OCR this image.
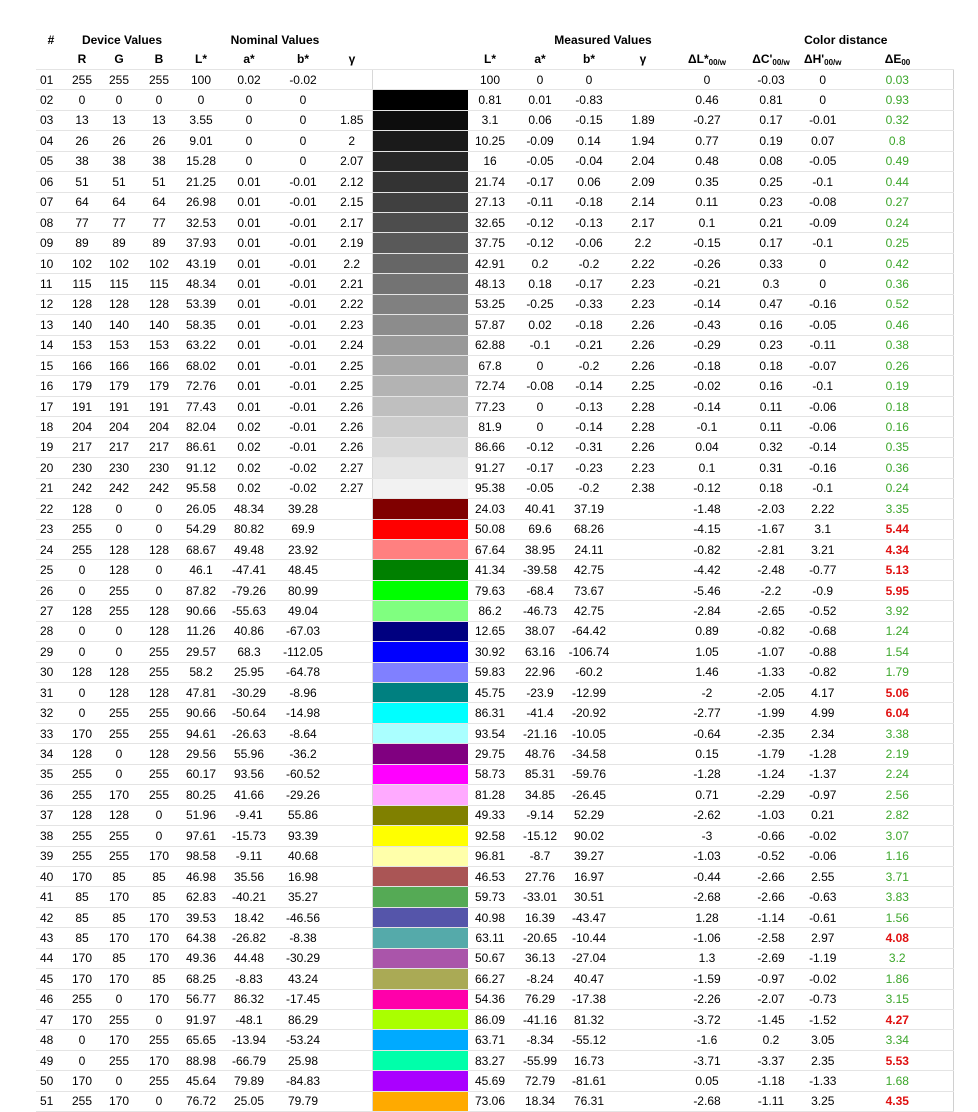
#	Device Values			Nominal Values						Measured Values					Color distance			
	R	G	B	L*	a*	b*	γ			L*	a*	b*	γ	$\Delta L*_{00/w}$	$\Delta C'_{00/w}$	$\Delta H'_{00/w}$	$\Delta E_{00}$	
01	255	255	255	100	0.02	-0.02				100	0	0		0	-0.03	0	0.03	
02	0	0	0	0	0	0				0.81	0.01	-0.83		0.46	0.81	0	0.93	

03	13	13	13	3.55	0	0	1.85			3.1	0.06	-0.15	1.89	-0.27	0.17	-0.01	0.32	

04	26	26	26	9.01	0	0	2			10.25	-0.09	0.14	1.94	0.77	0.19	0.07	0.8	

05	38	38	38	15.28	0	0	2.07			16	-0.05	-0.04	2.04	0.48	0.08	-0.05	0.49	

06	51	51	51	21.25	0.01	-0.01	2.12			21.74	-0.17	0.06	2.09	0.35	0.25	-0.1	0.44	

07	64	64	64	26.98	0.01	-0.01	2.15			27.13	-0.11	-0.18	2.14	0.11	0.23	-0.08	0.27	
08	77	77	77	32.53	0.01	-0.01	2.17			32.65	-0.12	-0.13	2.17	0.1	0.21	-0.09	0.24	
09	89	89	89	37.93	0.01	-0.01	2.19			37.75	-0.12	-0.06	2.2	-0.15	0.17	-0.1	0.25	
10	102	102	102	43.19	0.01	-0.01	2.2			42.91	0.2	-0.2	2.22	-0.26	0.33	0	0.42	

11	115	115	115	48.34	0.01	-0.01	2.21			48.13	0.18	-0.17	2.23	-0.21	0.3	0	0.36	

12	128	128	128	53.39	0.01	-0.01	2.22			53.25	-0.25	-0.33	2.23	-0.14	0.47	-0.16	0.52	

13	140	140	140	58.35	0.01	-0.01	2.23			57.87	0.02	-0.18	2.26	-0.43	0.16	-0.05	0.46	

14	153	153	153	63.22	0.01	-0.01	2.24			62.88	-0.1	-0.21	2.26	-0.29	0.23	-0.11	0.38	

15	166	166	166	68.02	0.01	-0.01	2.25			67.8	0	-0.2	2.26	-0.18	0.18	-0.07	0.26	
16	179	179	179	72.76	0.01	-0.01	2.25			72.74	-0.08	-0.14	2.25	-0.02	0.16	-0.1	0.19	
17	191	191	191	77.43	0.01	-0.01	2.26			77.23	0	-0.13	2.28	-0.14	0.11	-0.06	0.18	
18	204	204	204	82.04	0.02	-0.01	2.26			81.9	0	-0.14	2.28	-0.1	0.11	-0.06	0.16	
19	217	217	217	86.61	0.02	-0.01	2.26			86.66	-0.12	-0.31	2.26	0.04	0.32	-0.14	0.35	

20	230	230	230	91.12	0.02	-0.02	2.27			91.27	-0.17	-0.23	2.23	0.1	0.31	-0.16	0.36	

21	242	242	242	95.58	0.02	-0.02	2.27			95.38	-0.05	-0.2	2.38	-0.12	0.18	-0.1	0.24	
22	128	0	0	26.05	48.34	39.28				24.03	40.41	37.19		-1.48	-2.03	2.22	3.35	

23	255	0	0	54.29	80.82	69.9				50.08	69.6	68.26		-4.15	-1.67	3.1	5.44	

24	255	128	128	68.67	49.48	23.92				67.64	38.95	24.11		-0.82	-2.81	3.21	4.34	

25	0	128	0	46.1	-47.41	48.45				41.34	-39.58	42.75		-4.42	-2.48	-0.77	5.13	

26	0	255	0	87.82	-79.26	80.99				79.63	-68.4	73.67		-5.46	-2.2	-0.9	5.95	

27	128	255	128	90.66	-55.63	49.04				86.2	-46.73	42.75		-2.84	-2.65	-0.52	3.92	

28	0	0	128	11.26	40.86	-67.03				12.65	38.07	-64.42		0.89	-0.82	-0.68	1.24	

29	0	0	255	29.57	68.3	-112.05				30.92	63.16	-106.74		1.05	-1.07	-0.88	1.54	

30	128	128	255	58.2	25.95	-64.78				59.83	22.96	-60.2		1.46	-1.33	-0.82	1.79	

31	0	128	128	47.81	-30.29	-8.96				45.75	-23.9	-12.99		-2	-2.05	4.17	5.06	

32	0	255	255	90.66	-50.64	-14.98				86.31	-41.4	-20.92		-2.77	-1.99	4.99	6.04	

33	170	255	255	94.61	-26.63	-8.64				93.54	-21.16	-10.05		-0.64	-2.35	2.34	3.38	

34	128	0	128	29.56	55.96	-36.2				29.75	48.76	-34.58		0.15	-1.79	-1.28	2.19	

35	255	0	255	60.17	93.56	-60.52				58.73	85.31	-59.76		-1.28	-1.24	-1.37	2.24	

36	255	170	255	80.25	41.66	-29.26				81.28	34.85	-26.45		0.71	-2.29	-0.97	2.56	

37	128	128	0	51.96	-9.41	55.86				49.33	-9.14	52.29		-2.62	-1.03	0.21	2.82	

38	255	255	0	97.61	-15.73	93.39				92.58	-15.12	90.02		-3	-0.66	-0.02	3.07	

39	255	255	170	98.58	-9.11	40.68				96.81	-8.7	39.27		-1.03	-0.52	-0.06	1.16	

40	170	85	85	46.98	35.56	16.98				46.53	27.76	16.97		-0.44	-2.66	2.55	3.71	

41	85	170	85	62.83	-40.21	35.27				59.73	-33.01	30.51		-2.68	-2.66	-0.63	3.83	

42	85	85	170	39.53	18.42	-46.56				40.98	16.39	-43.47		1.28	-1.14	-0.61	1.56	

43	85	170	170	64.38	-26.82	-8.38				63.11	-20.65	-10.44		-1.06	-2.58	2.97	4.08	

44	170	85	170	49.36	44.48	-30.29				50.67	36.13	-27.04		1.3	-2.69	-1.19	3.2	

45	170	170	85	68.25	-8.83	43.24				66.27	-8.24	40.47		-1.59	-0.97	-0.02	1.86	

46	255	0	170	56.77	86.32	-17.45				54.36	76.29	-17.38		-2.26	-2.07	-0.73	3.15	

47	170	255	0	91.97	-48.1	86.29				86.09	-41.16	81.32		-3.72	-1.45	-1.52	4.27	

48	0	170	255	65.65	-13.94	-53.24				63.71	-8.34	-55.12		-1.6	0.2	3.05	3.34	

49	0	255	170	88.98	-66.79	25.98				83.27	-55.99	16.73		-3.71	-3.37	2.35	5.53	

50	170	0	255	45.64	79.89	-84.83				45.69	72.79	-81.61		0.05	-1.18	-1.33	1.68	

51	255	170	0	76.72	25.05	79.79				73.06	18.34	76.31		-2.68	-1.11	3.25	4.35	
